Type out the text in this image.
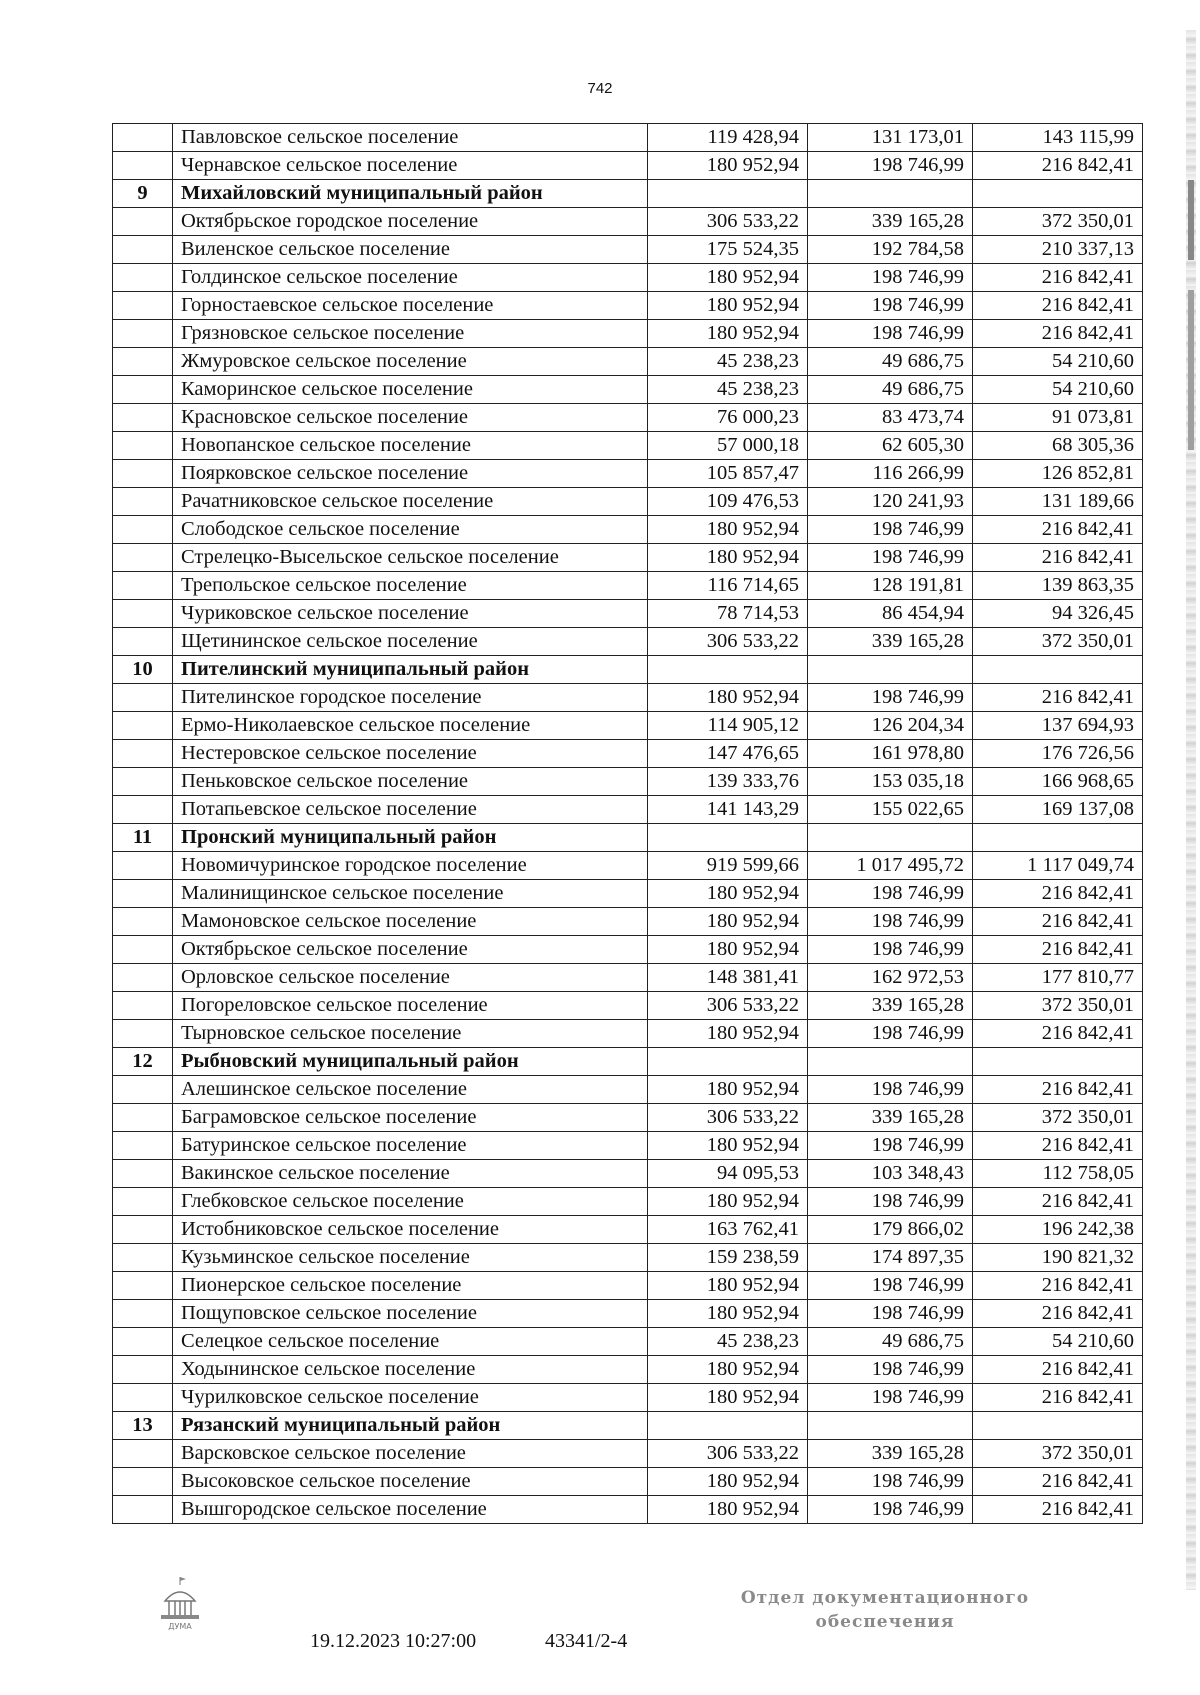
742
	Павловское сельское поселение	119 428,94	131 173,01	143 115,99
	Чернавское сельское поселение	180 952,94	198 746,99	216 842,41
9	Михайловский муниципальный район			
	Октябрьское городское поселение	306 533,22	339 165,28	372 350,01
	Виленское сельское поселение	175 524,35	192 784,58	210 337,13
	Голдинское сельское поселение	180 952,94	198 746,99	216 842,41
	Горностаевское сельское поселение	180 952,94	198 746,99	216 842,41
	Грязновское сельское поселение	180 952,94	198 746,99	216 842,41
	Жмуровское сельское поселение	45 238,23	49 686,75	54 210,60
	Каморинское сельское поселение	45 238,23	49 686,75	54 210,60
	Красновское сельское поселение	76 000,23	83 473,74	91 073,81
	Новопанское сельское поселение	57 000,18	62 605,30	68 305,36
	Поярковское сельское поселение	105 857,47	116 266,99	126 852,81
	Рачатниковское сельское поселение	109 476,53	120 241,93	131 189,66
	Слободское сельское поселение	180 952,94	198 746,99	216 842,41
	Стрелецко-Высельское сельское поселение	180 952,94	198 746,99	216 842,41
	Трепольское сельское поселение	116 714,65	128 191,81	139 863,35
	Чуриковское сельское поселение	78 714,53	86 454,94	94 326,45
	Щетининское сельское поселение	306 533,22	339 165,28	372 350,01
10	Пителинский муниципальный район			
	Пителинское городское поселение	180 952,94	198 746,99	216 842,41
	Ермо-Николаевское сельское поселение	114 905,12	126 204,34	137 694,93
	Нестеровское сельское поселение	147 476,65	161 978,80	176 726,56
	Пеньковское сельское поселение	139 333,76	153 035,18	166 968,65
	Потапьевское сельское поселение	141 143,29	155 022,65	169 137,08
11	Пронский муниципальный район			
	Новомичуринское городское поселение	919 599,66	1 017 495,72	1 117 049,74
	Малинищинское сельское поселение	180 952,94	198 746,99	216 842,41
	Мамоновское сельское поселение	180 952,94	198 746,99	216 842,41
	Октябрьское сельское поселение	180 952,94	198 746,99	216 842,41
	Орловское сельское поселение	148 381,41	162 972,53	177 810,77
	Погореловское сельское поселение	306 533,22	339 165,28	372 350,01
	Тырновское сельское поселение	180 952,94	198 746,99	216 842,41
12	Рыбновский муниципальный район			
	Алешинское сельское поселение	180 952,94	198 746,99	216 842,41
	Баграмовское сельское поселение	306 533,22	339 165,28	372 350,01
	Батуринское сельское поселение	180 952,94	198 746,99	216 842,41
	Вакинское сельское поселение	94 095,53	103 348,43	112 758,05
	Глебковское сельское поселение	180 952,94	198 746,99	216 842,41
	Истобниковское сельское поселение	163 762,41	179 866,02	196 242,38
	Кузьминское сельское поселение	159 238,59	174 897,35	190 821,32
	Пионерское сельское поселение	180 952,94	198 746,99	216 842,41
	Пощуповское сельское поселение	180 952,94	198 746,99	216 842,41
	Селецкое сельское поселение	45 238,23	49 686,75	54 210,60
	Ходынинское сельское поселение	180 952,94	198 746,99	216 842,41
	Чурилковское сельское поселение	180 952,94	198 746,99	216 842,41
13	Рязанский муниципальный район			
	Варсковское сельское поселение	306 533,22	339 165,28	372 350,01
	Высоковское сельское поселение	180 952,94	198 746,99	216 842,41
	Вышгородское сельское поселение	180 952,94	198 746,99	216 842,41
ДУМА
19.12.2023 10:27:00	43341/2-4
Отдел документационного
обеспечения
